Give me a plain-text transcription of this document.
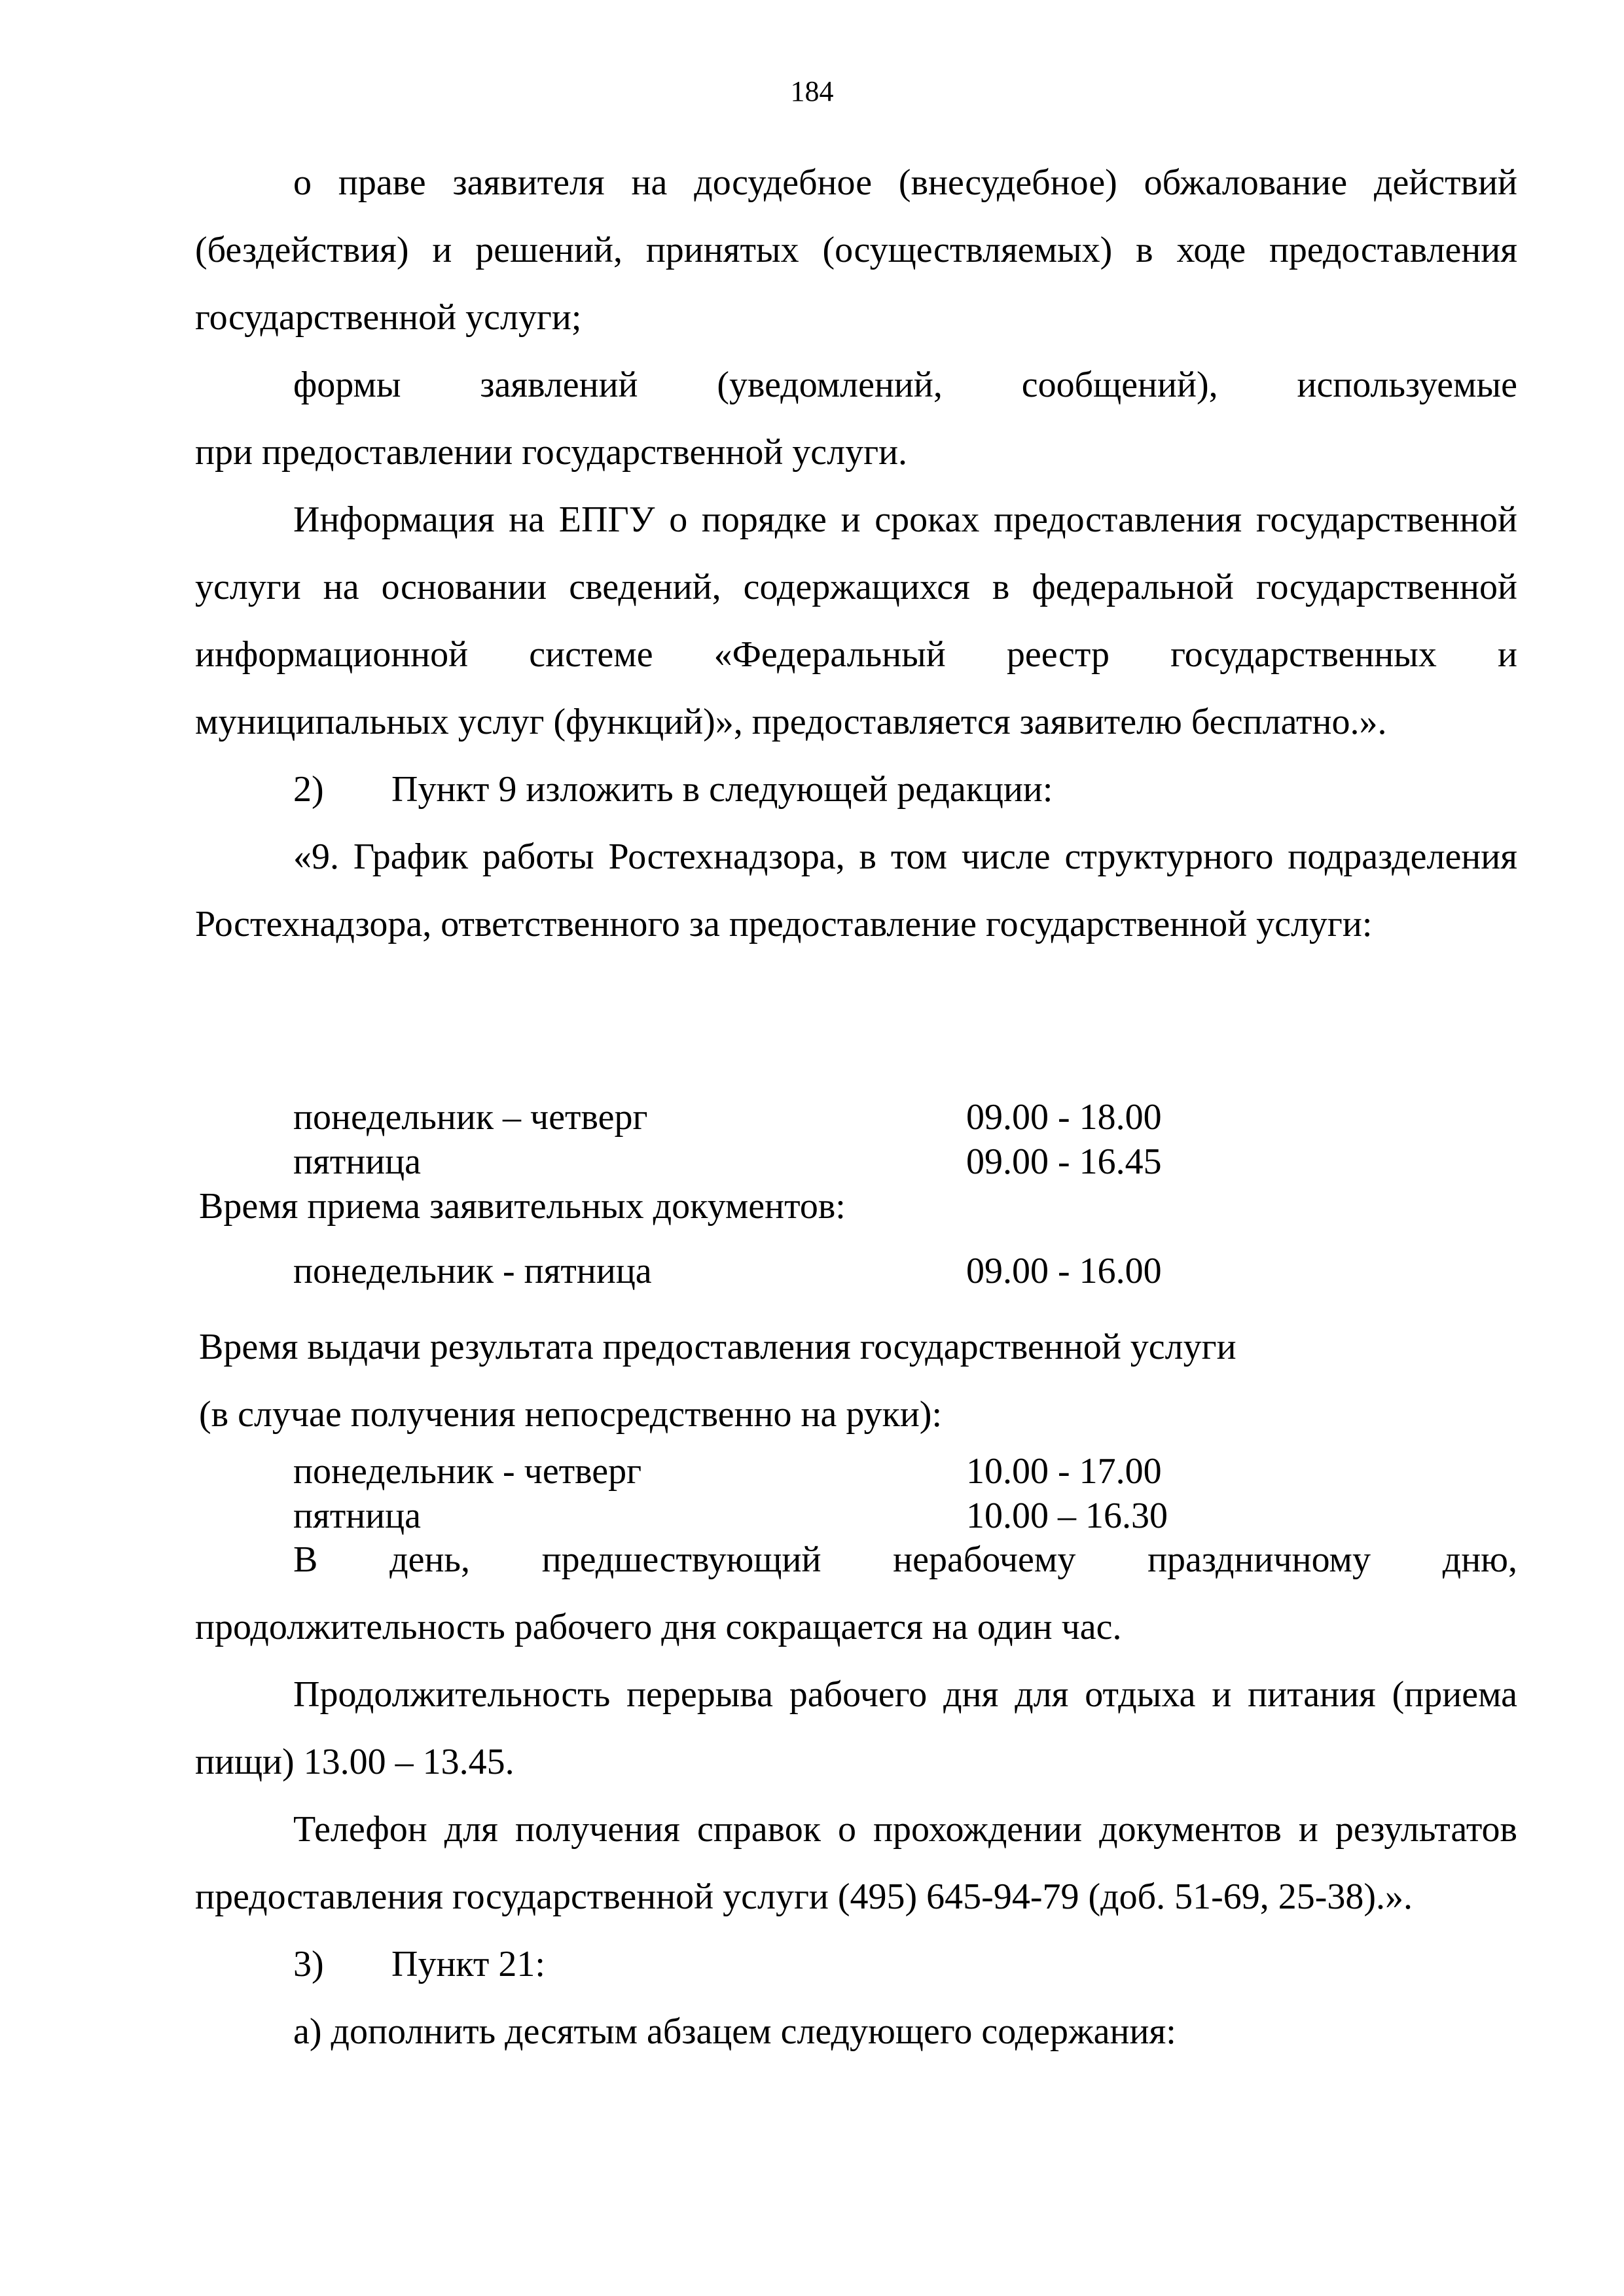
184

о праве заявителя на досудебное (внесудебное) обжалование действий (бездействия) и решений, принятых (осуществляемых) в ходе предоставления государственной услуги;

формы заявлений (уведомлений, сообщений), используемые

при предоставлении государственной услуги.

Информация на ЕПГУ о порядке и сроках предоставления государственной услуги на основании сведений, содержащихся в федеральной государственной информационной системе «Федеральный реестр государственных и муниципальных услуг (функций)», предоставляется заявителю бесплатно.».

2) Пункт 9 изложить в следующей редакции:

«9. График работы Ростехнадзора, в том числе структурного подразделения Ростехнадзора, ответственного за предоставление государственной услуги:

понедельник – четверг	09.00 - 18.00
пятница	09.00 - 16.45
Время приема заявительных документов:
понедельник - пятница	09.00 - 16.00
Время выдачи результата предоставления государственной услуги
(в случае получения непосредственно на руки):
понедельник - четверг	10.00 - 17.00
пятница	10.00 – 16.30

В день, предшествующий нерабочему праздничному дню, продолжительность рабочего дня сокращается на один час.

Продолжительность перерыва рабочего дня для отдыха и питания (приема пищи) 13.00 – 13.45.

Телефон для получения справок о прохождении документов и результатов предоставления государственной услуги (495) 645-94-79 (доб. 51-69, 25-38).».

3) Пункт 21:
а) дополнить десятым абзацем следующего содержания:
